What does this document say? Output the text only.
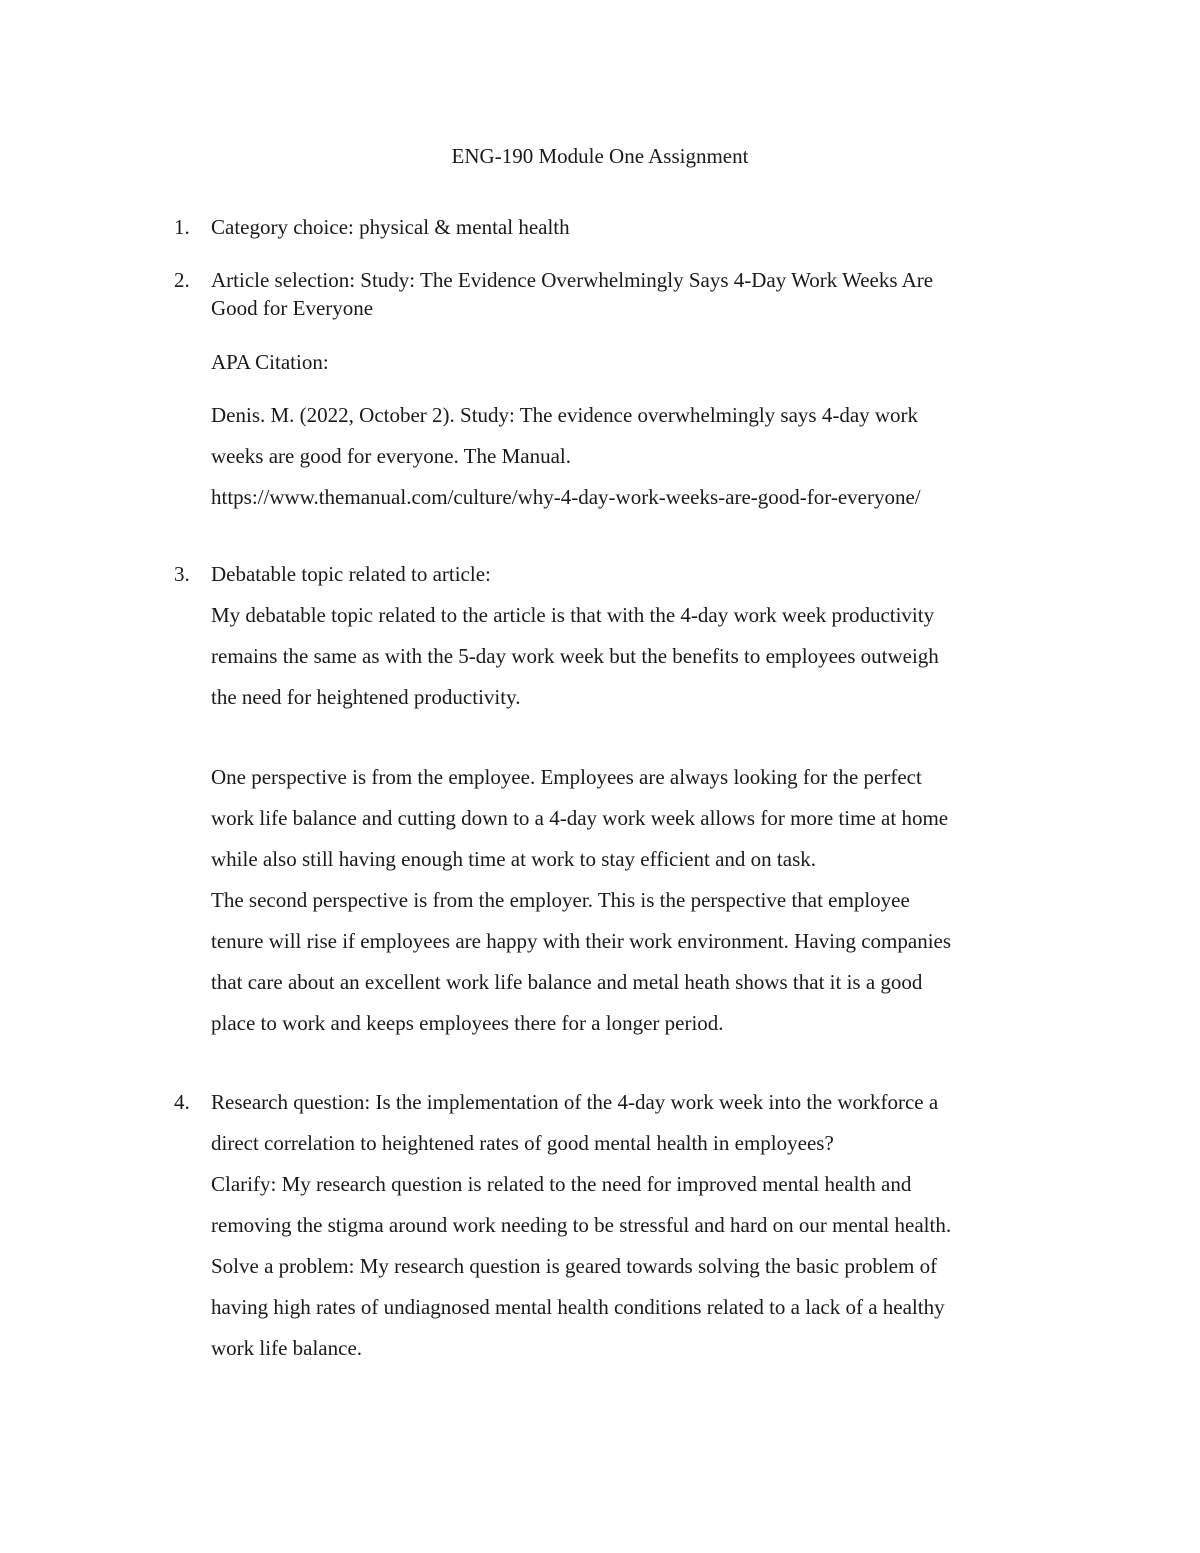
ENG-190 Module One Assignment
1.	Category choice: physical & mental health
2.	Article selection: Study: The Evidence Overwhelmingly Says 4-Day Work Weeks Are
Good for Everyone
APA Citation:
Denis. M. (2022, October 2). Study: The evidence overwhelmingly says 4-day work
weeks are good for everyone. The Manual.
https://www.themanual.com/culture/why-4-day-work-weeks-are-good-for-everyone/
3.	Debatable topic related to article:
My debatable topic related to the article is that with the 4-day work week productivity
remains the same as with the 5-day work week but the benefits to employees outweigh
the need for heightened productivity.
One perspective is from the employee. Employees are always looking for the perfect
work life balance and cutting down to a 4-day work week allows for more time at home
while also still having enough time at work to stay efficient and on task.
The second perspective is from the employer. This is the perspective that employee
tenure will rise if employees are happy with their work environment. Having companies
that care about an excellent work life balance and metal heath shows that it is a good
place to work and keeps employees there for a longer period.
4.	Research question: Is the implementation of the 4-day work week into the workforce a
direct correlation to heightened rates of good mental health in employees?
Clarify: My research question is related to the need for improved mental health and
removing the stigma around work needing to be stressful and hard on our mental health.
Solve a problem: My research question is geared towards solving the basic problem of
having high rates of undiagnosed mental health conditions related to a lack of a healthy
work life balance.
